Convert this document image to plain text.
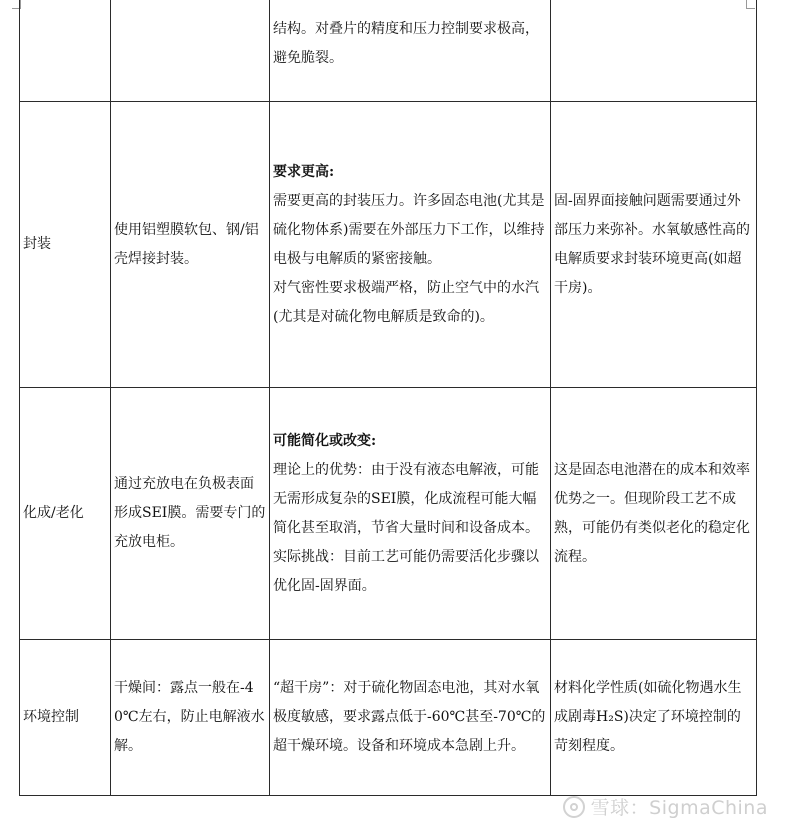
		结构。对叠片的精度和压力控制要求极高，避免脆裂。	

封装	使用铝塑膜软包、钢/铝壳焊接封装。	要求更高:
需要更高的封装压力。许多固态电池(尤其是硫化物体系)需要在外部压力下工作，以维持电极与电解质的紧密接触。
对气密性要求极端严格，防止空气中的水汽(尤其是对硫化物电解质是致命的)。	固-固界面接触问题需要通过外部压力来弥补。水氧敏感性高的电解质要求封装环境更高(如超干房)。
化成/老化	通过充放电在负极表面形成SEI膜。需要专门的充放电柜。	可能简化或改变:
理论上的优势：由于没有液态电解液，可能无需形成复杂的SEI膜，化成流程可能大幅简化甚至取消，节省大量时间和设备成本。
实际挑战：目前工艺可能仍需要活化步骤以优化固-固界面。	这是固态电池潜在的成本和效率优势之一。但现阶段工艺不成熟，可能仍有类似老化的稳定化流程。
环境控制	干燥间：露点一般在-40℃左右，防止电解液水解。	“超干房”：对于硫化物固态电池，其对水氧极度敏感，要求露点低于-60℃甚至-70℃的超干燥环境。设备和环境成本急剧上升。	材料化学性质(如硫化物遇水生成剧毒H₂S)决定了环境控制的苛刻程度。
雪球：SigmaChina
